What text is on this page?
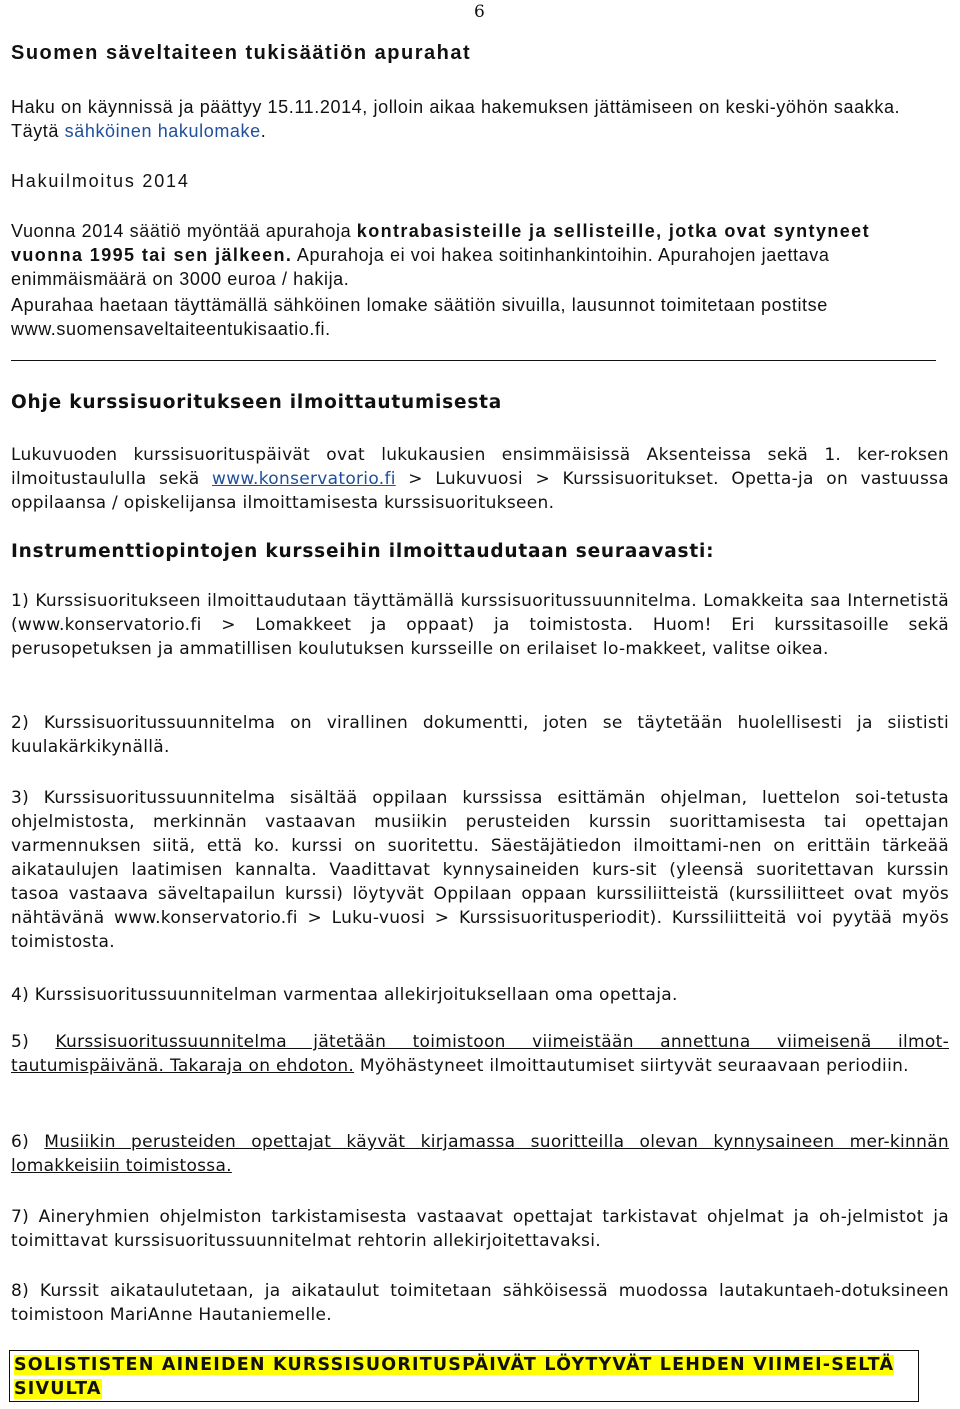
6
Suomen säveltaiteen tukisäätiön apurahat

Haku on käynnissä ja päättyy 15.11.2014, jolloin aikaa hakemuksen jättämiseen on keski-yöhön saakka. Täytä sähköinen hakulomake.

Hakuilmoitus 2014

Vuonna 2014 säätiö myöntää apurahoja kontrabasisteille ja sellisteille, jotka ovat syntyneet vuonna 1995 tai sen jälkeen. Apurahoja ei voi hakea soitinhankintoihin. Apurahojen jaettava enimmäismäärä on 3000 euroa / hakija.

Apurahaa haetaan täyttämällä sähköinen lomake säätiön sivuilla, lausunnot toimitetaan postitse www.suomensaveltaiteentukisaatio.fi.

Ohje kurssisuoritukseen ilmoittautumisesta

Lukuvuoden kurssisuorituspäivät ovat lukukausien ensimmäisissä Aksenteissa sekä 1. ker-roksen ilmoitustaululla sekä www.konservatorio.fi > Lukuvuosi > Kurssisuoritukset. Opetta-ja on vastuussa oppilaansa / opiskelijansa ilmoittamisesta kurssisuoritukseen.

Instrumenttiopintojen kursseihin ilmoittaudutaan seuraavasti:

1) Kurssisuoritukseen ilmoittaudutaan täyttämällä kurssisuoritussuunnitelma. Lomakkeita saa Internetistä (www.konservatorio.fi > Lomakkeet ja oppaat) ja toimistosta. Huom! Eri kurssitasoille sekä perusopetuksen ja ammatillisen koulutuksen kursseille on erilaiset lo-makkeet, valitse oikea.

2) Kurssisuoritussuunnitelma on virallinen dokumentti, joten se täytetään huolellisesti ja siististi kuulakärkikynällä.

3) Kurssisuoritussuunnitelma sisältää oppilaan kurssissa esittämän ohjelman, luettelon soi-tetusta ohjelmistosta, merkinnän vastaavan musiikin perusteiden kurssin suorittamisesta tai opettajan varmennuksen siitä, että ko. kurssi on suoritettu. Säestäjätiedon ilmoittami-nen on erittäin tärkeää aikataulujen laatimisen kannalta. Vaadittavat kynnysaineiden kurs-sit (yleensä suoritettavan kurssin tasoa vastaava säveltapailun kurssi) löytyvät Oppilaan oppaan kurssiliitteistä (kurssiliitteet ovat myös nähtävänä www.konservatorio.fi > Luku-vuosi > Kurssisuoritusperiodit). Kurssiliitteitä voi pyytää myös toimistosta.

4) Kurssisuoritussuunnitelman varmentaa allekirjoituksellaan oma opettaja.

5) Kurssisuoritussuunnitelma jätetään toimistoon viimeistään annettuna viimeisenä ilmot-tautumispäivänä. Takaraja on ehdoton. Myöhästyneet ilmoittautumiset siirtyvät seuraavaan periodiin.

6) Musiikin perusteiden opettajat käyvät kirjamassa suoritteilla olevan kynnysaineen mer-kinnän lomakkeisiin toimistossa.

7) Aineryhmien ohjelmiston tarkistamisesta vastaavat opettajat tarkistavat ohjelmat ja oh-jelmistot ja toimittavat kurssisuoritussuunnitelmat rehtorin allekirjoitettavaksi.

8) Kurssit aikataulutetaan, ja aikataulut toimitetaan sähköisessä muodossa lautakuntaeh-dotuksineen toimistoon MariAnne Hautaniemelle.

SOLISTISTEN AINEIDEN KURSSISUORITUSPÄIVÄT LÖYTYVÄT LEHDEN VIIMEI-SELTÄ SIVULTA
